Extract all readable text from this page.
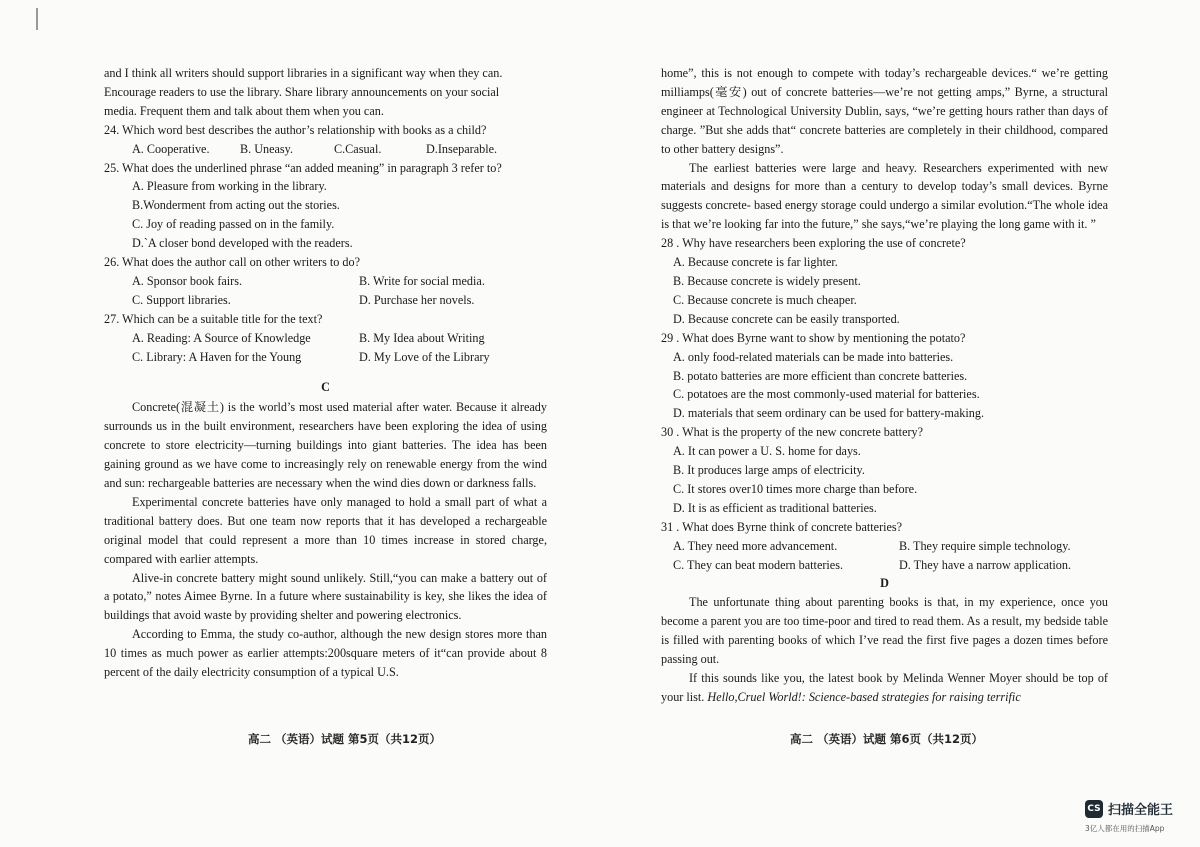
and I think all writers should support libraries in a significant way when they can.

Encourage readers to use the library. Share library announcements on your social

media. Frequent them and talk about them when you can.

24. Which word best describes the author’s relationship with books as a child?

A. Cooperative.	B. Uneasy.	C.Casual.	D.Inseparable.

25. What does the underlined phrase “an added meaning” in paragraph 3 refer to?

A. Pleasure from working in the library.

B.Wonderment from acting out the stories.

C. Joy of reading passed on in the family.

D.`A closer bond developed with the readers.

26. What does the author call on other writers to do?

A. Sponsor book fairs.	B. Write for social media.
C. Support libraries.	D. Purchase her novels.

27. Which can be a suitable title for the text?

A. Reading: A Source of Knowledge	B. My Idea about Writing
C. Library: A Haven for the Young	D. My Love of the Library

C

Concrete(混凝土) is the world’s most used material after water. Because it already surrounds us in the built environment, researchers have been exploring the idea of using concrete to store electricity—turning buildings into giant batteries. The idea has been gaining ground as we have come to increasingly rely on renewable energy from the wind and sun: rechargeable batteries are necessary when the wind dies down or darkness falls.

Experimental concrete batteries have only managed to hold a small part of what a traditional battery does. But one team now reports that it has developed a rechargeable original model that could represent a more than 10 times increase in stored charge, compared with earlier attempts.

Alive-in concrete battery might sound unlikely. Still,“you can make a battery out of a potato,” notes Aimee Byrne. In a future where sustainability is key, she likes the idea of buildings that avoid waste by providing shelter and powering electronics.

According to Emma, the study co-author, although the new design stores more than 10 times as much power as earlier attempts:200square meters of it“can provide about 8 percent of the daily electricity consumption of a typical U.S.

高二 （英语）试题 第5页（共12页）

home”, this is not enough to compete with today’s rechargeable devices.“ we’re getting milliamps(毫安) out of concrete batteries—we’re not getting amps,” Byrne, a structural engineer at Technological University Dublin, says, “we’re getting hours rather than days of charge. ”But she adds that“ concrete batteries are completely in their childhood, compared to other battery designs”.

The earliest batteries were large and heavy. Researchers experimented with new materials and designs for more than a century to develop today’s small devices. Byrne suggests concrete- based energy storage could undergo a similar evolution.“The whole idea is that we’re looking far into the future,” she says,“we’re playing the long game with it. ”

28 . Why have researchers been exploring the use of concrete?

A. Because concrete is far lighter.

B. Because concrete is widely present.

C. Because concrete is much cheaper.

D. Because concrete can be easily transported.

29 . What does Byrne want to show by mentioning the potato?

A. only food-related materials can be made into batteries.

B. potato batteries are more efficient than concrete batteries.

C. potatoes are the most commonly-used material for batteries.

D. materials that seem ordinary can be used for battery-making.

30 . What is the property of the new concrete battery?

A. It can power a U. S. home for days.

B. It produces large amps of electricity.

C. It stores over10 times more charge than before.

D. It is as efficient as traditional batteries.

31 . What does Byrne think of concrete batteries?

A. They need more advancement.	B. They require simple technology.
C. They can beat modern batteries.	D. They have a narrow application.

D

The unfortunate thing about parenting books is that, in my experience, once you become a parent you are too time-poor and tired to read them. As a result, my bedside table is filled with parenting books of which I’ve read the first five pages a dozen times before passing out.

If this sounds like you, the latest book by Melinda Wenner Moyer should be top of your list. Hello,Cruel World!: Science-based strategies for raising terrific

高二 （英语）试题 第6页（共12页）
CS 扫描全能王
3亿人都在用的扫描App
